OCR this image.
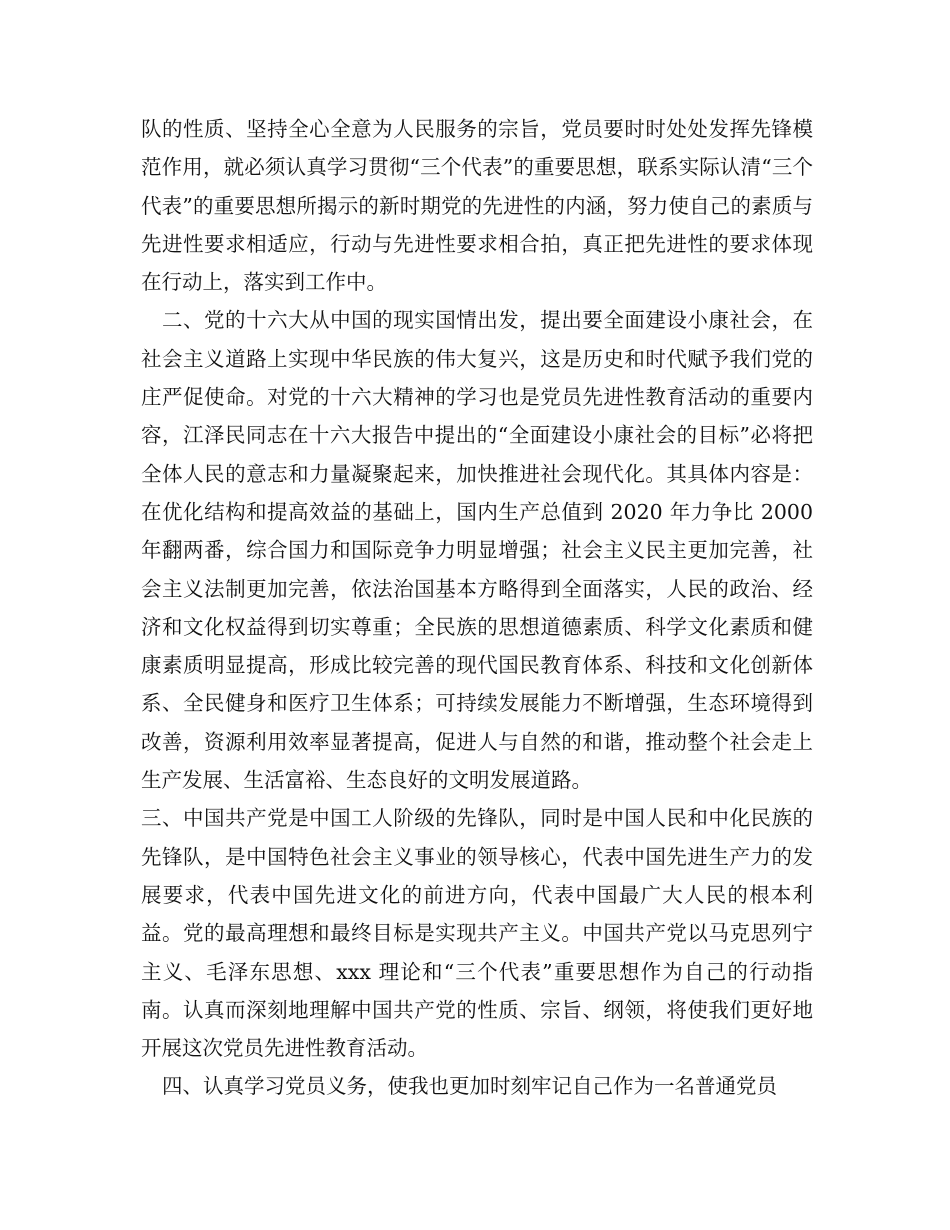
队的性质、坚持全心全意为人民服务的宗旨，党员要时时处处发挥先锋模范作用，就必须认真学习贯彻“三个代表”的重要思想，联系实际认清“三个代表”的重要思想所揭示的新时期党的先进性的内涵，努力使自己的素质与先进性要求相适应，行动与先进性要求相合拍，真正把先进性的要求体现在行动上，落实到工作中。

二、党的十六大从中国的现实国情出发，提出要全面建设小康社会，在社会主义道路上实现中华民族的伟大复兴，这是历史和时代赋予我们党的庄严促使命。对党的十六大精神的学习也是党员先进性教育活动的重要内容，江泽民同志在十六大报告中提出的“全面建设小康社会的目标”必将把全体人民的意志和力量凝聚起来，加快推进社会现代化。其具体内容是：在优化结构和提高效益的基础上，国内生产总值到 2020 年力争比 2000 年翻两番，综合国力和国际竞争力明显增强；社会主义民主更加完善，社会主义法制更加完善，依法治国基本方略得到全面落实，人民的政治、经济和文化权益得到切实尊重；全民族的思想道德素质、科学文化素质和健康素质明显提高，形成比较完善的现代国民教育体系、科技和文化创新体系、全民健身和医疗卫生体系；可持续发展能力不断增强，生态环境得到改善，资源利用效率显著提高，促进人与自然的和谐，推动整个社会走上生产发展、生活富裕、生态良好的文明发展道路。

三、中国共产党是中国工人阶级的先锋队，同时是中国人民和中化民族的先锋队，是中国特色社会主义事业的领导核心，代表中国先进生产力的发展要求，代表中国先进文化的前进方向，代表中国最广大人民的根本利益。党的最高理想和最终目标是实现共产主义。中国共产党以马克思列宁主义、毛泽东思想、xxx 理论和“三个代表”重要思想作为自己的行动指南。认真而深刻地理解中国共产党的性质、宗旨、纲领，将使我们更好地开展这次党员先进性教育活动。

四、认真学习党员义务，使我也更加时刻牢记自己作为一名普通党员
